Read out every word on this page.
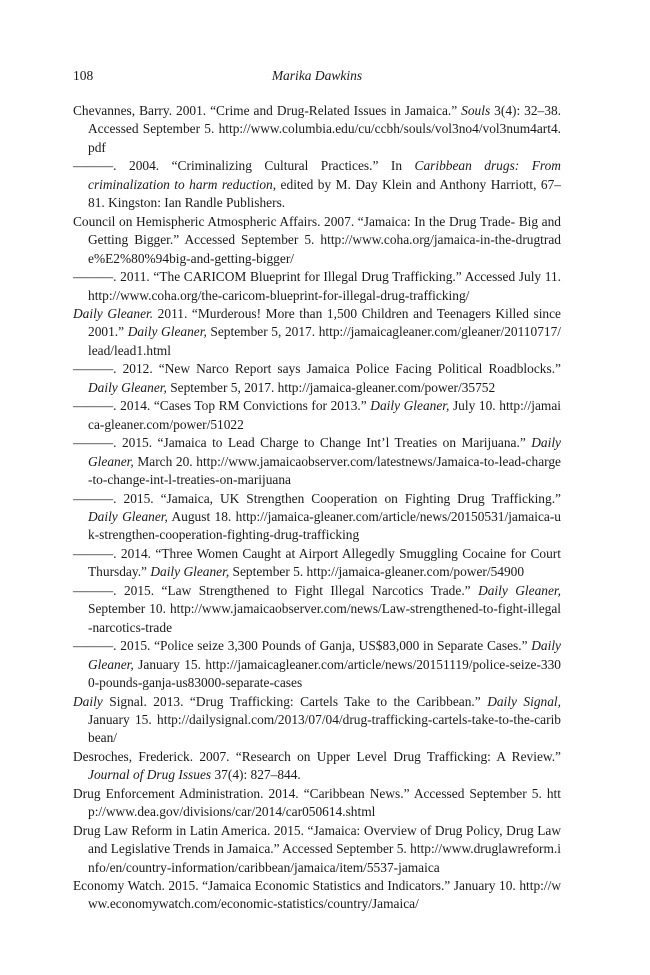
108	Marika Dawkins

Chevannes, Barry. 2001. “Crime and Drug-Related Issues in Jamaica.” Souls 3(4): 32–38. Accessed September 5. http://www.columbia.edu/cu/ccbh/souls/vol3no4/vol3num4art4.pdf

———. 2004. “Criminalizing Cultural Practices.” In Caribbean drugs: From criminalization to harm reduction, edited by M. Day Klein and Anthony Harriott, 67–81. Kingston: Ian Randle Publishers.

Council on Hemispheric Atmospheric Affairs. 2007. “Jamaica: In the Drug Trade- Big and Getting Bigger.” Accessed September 5. http://www.coha.org/jamaica-in-the-drugtrade%E2%80%94big-and-getting-bigger/

———. 2011. “The CARICOM Blueprint for Illegal Drug Trafficking.” Accessed July 11. http://www.coha.org/the-caricom-blueprint-for-illegal-drug-trafficking/

Daily Gleaner. 2011. “Murderous! More than 1,500 Children and Teenagers Killed since 2001.” Daily Gleaner, September 5, 2017. http://jamaicagleaner.com/gleaner/20110717/lead/lead1.html

———. 2012. “New Narco Report says Jamaica Police Facing Political Roadblocks.” Daily Gleaner, September 5, 2017. http://jamaica-gleaner.com/power/35752

———. 2014. “Cases Top RM Convictions for 2013.” Daily Gleaner, July 10. http://jamaica-gleaner.com/power/51022

———. 2015. “Jamaica to Lead Charge to Change Int’l Treaties on Marijuana.” Daily Gleaner, March 20. http://www.jamaicaobserver.com/latestnews/Jamaica-to-lead-charge-to-change-int-l-treaties-on-marijuana

———. 2015. “Jamaica, UK Strengthen Cooperation on Fighting Drug Trafficking.” Daily Gleaner, August 18. http://jamaica-gleaner.com/article/news/20150531/jamaica-uk-strengthen-cooperation-fighting-drug-trafficking

———. 2014. “Three Women Caught at Airport Allegedly Smuggling Cocaine for Court Thursday.” Daily Gleaner, September 5. http://jamaica-gleaner.com/power/54900

———. 2015. “Law Strengthened to Fight Illegal Narcotics Trade.” Daily Gleaner, September 10. http://www.jamaicaobserver.com/news/Law-strengthened-to-fight-illegal-narcotics-trade

———. 2015. “Police seize 3,300 Pounds of Ganja, US$83,000 in Separate Cases.” Daily Gleaner, January 15. http://jamaicagleaner.com/article/news/20151119/police-seize-3300-pounds-ganja-us83000-separate-cases

Daily Signal. 2013. “Drug Trafficking: Cartels Take to the Caribbean.” Daily Signal, January 15. http://dailysignal.com/2013/07/04/drug-trafficking-cartels-take-to-the-caribbean/

Desroches, Frederick. 2007. “Research on Upper Level Drug Trafficking: A Review.” Journal of Drug Issues 37(4): 827–844.

Drug Enforcement Administration. 2014. “Caribbean News.” Accessed September 5. http://www.dea.gov/divisions/car/2014/car050614.shtml

Drug Law Reform in Latin America. 2015. “Jamaica: Overview of Drug Policy, Drug Law and Legislative Trends in Jamaica.” Accessed September 5. http://www.druglawreform.info/en/country-information/caribbean/jamaica/item/5537-jamaica

Economy Watch. 2015. “Jamaica Economic Statistics and Indicators.” January 10. http://www.economywatch.com/economic-statistics/country/Jamaica/
